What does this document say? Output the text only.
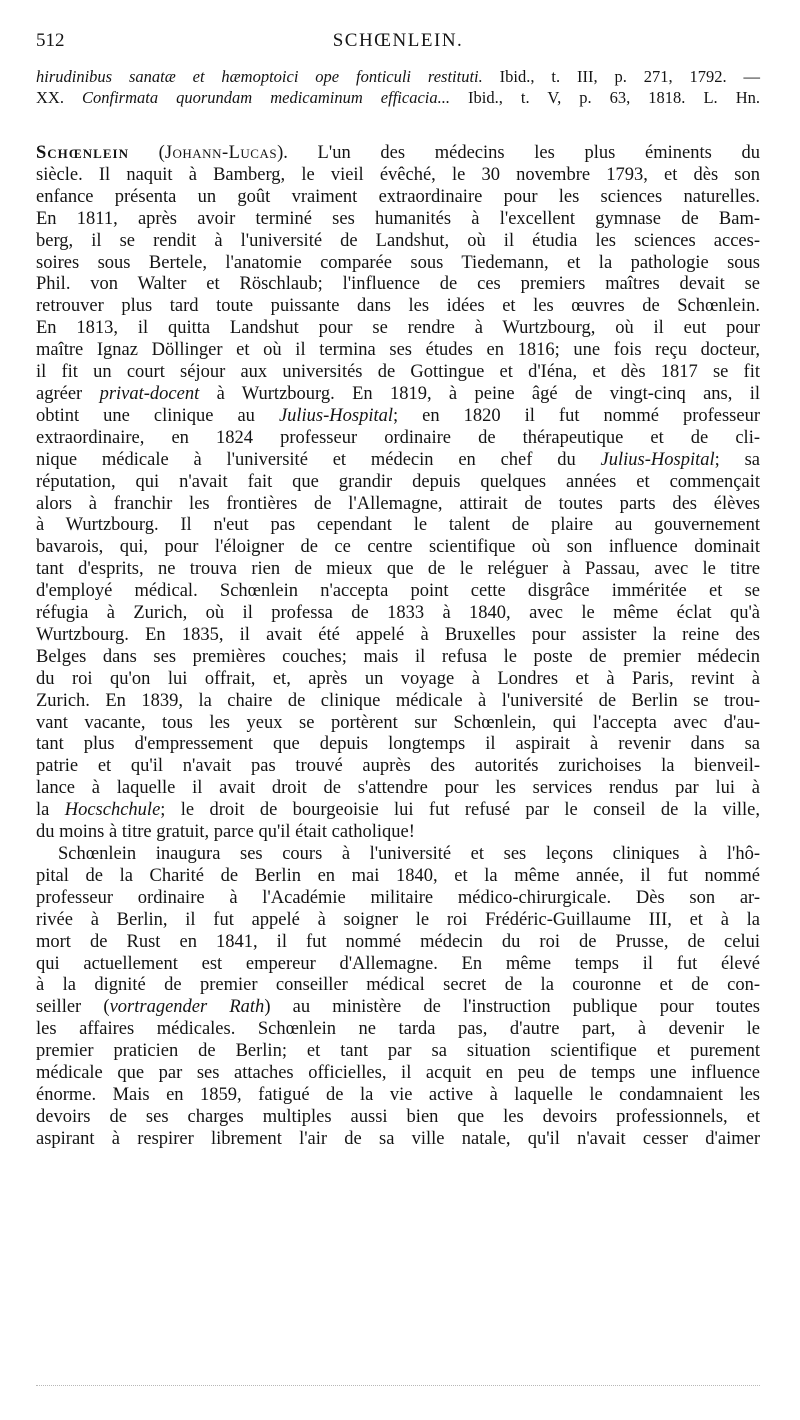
512	SCHŒNLEIN.
hirudinibus sanatæ et hæmoptoici ope fonticuli restituti. Ibid., t. III, p. 271, 1792. —
XX. Confirmata quorundam medicaminum efficacia... Ibid., t. V, p. 63, 1818. L. Hn.
Schœnlein (Johann-Lucas). L'un des médecins les plus éminents du
siècle. Il naquit à Bamberg, le vieil évêché, le 30 novembre 1793, et dès son
enfance présenta un goût vraiment extraordinaire pour les sciences naturelles.
En 1811, après avoir terminé ses humanités à l'excellent gymnase de Bam-
berg, il se rendit à l'université de Landshut, où il étudia les sciences acces-
soires sous Bertele, l'anatomie comparée sous Tiedemann, et la pathologie sous
Phil. von Walter et Röschlaub; l'influence de ces premiers maîtres devait se
retrouver plus tard toute puissante dans les idées et les œuvres de Schœnlein.
En 1813, il quitta Landshut pour se rendre à Wurtzbourg, où il eut pour
maître Ignaz Döllinger et où il termina ses études en 1816; une fois reçu docteur,
il fit un court séjour aux universités de Gottingue et d'Iéna, et dès 1817 se fit
agréer privat-docent à Wurtzbourg. En 1819, à peine âgé de vingt-cinq ans, il
obtint une clinique au Julius-Hospital; en 1820 il fut nommé professeur
extraordinaire, en 1824 professeur ordinaire de thérapeutique et de cli-
nique médicale à l'université et médecin en chef du Julius-Hospital; sa
réputation, qui n'avait fait que grandir depuis quelques années et commençait
alors à franchir les frontières de l'Allemagne, attirait de toutes parts des élèves
à Wurtzbourg. Il n'eut pas cependant le talent de plaire au gouvernement
bavarois, qui, pour l'éloigner de ce centre scientifique où son influence dominait
tant d'esprits, ne trouva rien de mieux que de le reléguer à Passau, avec le titre
d'employé médical. Schœnlein n'accepta point cette disgrâce imméritée et se
réfugia à Zurich, où il professa de 1833 à 1840, avec le même éclat qu'à
Wurtzbourg. En 1835, il avait été appelé à Bruxelles pour assister la reine des
Belges dans ses premières couches; mais il refusa le poste de premier médecin
du roi qu'on lui offrait, et, après un voyage à Londres et à Paris, revint à
Zurich. En 1839, la chaire de clinique médicale à l'université de Berlin se trou-
vant vacante, tous les yeux se portèrent sur Schœnlein, qui l'accepta avec d'au-
tant plus d'empressement que depuis longtemps il aspirait à revenir dans sa
patrie et qu'il n'avait pas trouvé auprès des autorités zurichoises la bienveil-
lance à laquelle il avait droit de s'attendre pour les services rendus par lui à
la Hocschchule; le droit de bourgeoisie lui fut refusé par le conseil de la ville,
du moins à titre gratuit, parce qu'il était catholique!
Schœnlein inaugura ses cours à l'université et ses leçons cliniques à l'hô-
pital de la Charité de Berlin en mai 1840, et la même année, il fut nommé
professeur ordinaire à l'Académie militaire médico-chirurgicale. Dès son ar-
rivée à Berlin, il fut appelé à soigner le roi Frédéric-Guillaume III, et à la
mort de Rust en 1841, il fut nommé médecin du roi de Prusse, de celui
qui actuellement est empereur d'Allemagne. En même temps il fut élevé
à la dignité de premier conseiller médical secret de la couronne et de con-
seiller (vortragender Rath) au ministère de l'instruction publique pour toutes
les affaires médicales. Schœnlein ne tarda pas, d'autre part, à devenir le
premier praticien de Berlin; et tant par sa situation scientifique et purement
médicale que par ses attaches officielles, il acquit en peu de temps une influence
énorme. Mais en 1859, fatigué de la vie active à laquelle le condamnaient les
devoirs de ses charges multiples aussi bien que les devoirs professionnels, et
aspirant à respirer librement l'air de sa ville natale, qu'il n'avait cesser d'aimer
